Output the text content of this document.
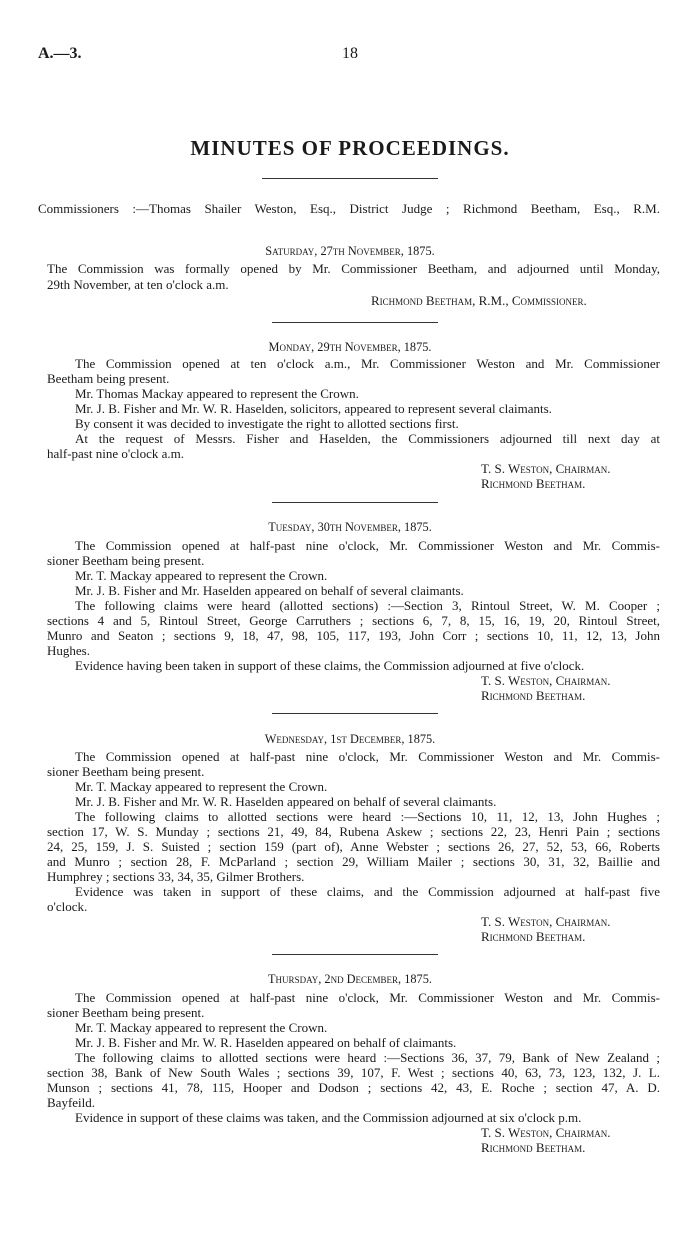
A.—3.	18
MINUTES OF PROCEEDINGS.
Commissioners :—Thomas Shailer Weston, Esq., District Judge ; Richmond Beetham, Esq., R.M.
Saturday, 27th November, 1875.
The Commission was formally opened by Mr. Commissioner Beetham, and adjourned until Monday,
29th November, at ten o'clock a.m.
Richmond Beetham, R.M., Commissioner.
Monday, 29th November, 1875.
The Commission opened at ten o'clock a.m., Mr. Commissioner Weston and Mr. Commissioner
Beetham being present.
Mr. Thomas Mackay appeared to represent the Crown.
Mr. J. B. Fisher and Mr. W. R. Haselden, solicitors, appeared to represent several claimants.
By consent it was decided to investigate the right to allotted sections first.
At the request of Messrs. Fisher and Haselden, the Commissioners adjourned till next day at
half-past nine o'clock a.m.
T. S. Weston, Chairman.
Richmond Beetham.
Tuesday, 30th November, 1875.
The Commission opened at half-past nine o'clock, Mr. Commissioner Weston and Mr. Commis-
sioner Beetham being present.
Mr. T. Mackay appeared to represent the Crown.
Mr. J. B. Fisher and Mr. Haselden appeared on behalf of several claimants.
The following claims were heard (allotted sections) :—Section 3, Rintoul Street, W. M. Cooper ;
sections 4 and 5, Rintoul Street, George Carruthers ; sections 6, 7, 8, 15, 16, 19, 20, Rintoul Street,
Munro and Seaton ; sections 9, 18, 47, 98, 105, 117, 193, John Corr ; sections 10, 11, 12, 13, John
Hughes.
Evidence having been taken in support of these claims, the Commission adjourned at five o'clock.
T. S. Weston, Chairman.
Richmond Beetham.
Wednesday, 1st December, 1875.
The Commission opened at half-past nine o'clock, Mr. Commissioner Weston and Mr. Commis-
sioner Beetham being present.
Mr. T. Mackay appeared to represent the Crown.
Mr. J. B. Fisher and Mr. W. R. Haselden appeared on behalf of several claimants.
The following claims to allotted sections were heard :—Sections 10, 11, 12, 13, John Hughes ;
section 17, W. S. Munday ; sections 21, 49, 84, Rubena Askew ; sections 22, 23, Henri Pain ; sections
24, 25, 159, J. S. Suisted ; section 159 (part of), Anne Webster ; sections 26, 27, 52, 53, 66, Roberts
and Munro ; section 28, F. McParland ; section 29, William Mailer ; sections 30, 31, 32, Baillie and
Humphrey ; sections 33, 34, 35, Gilmer Brothers.
Evidence was taken in support of these claims, and the Commission adjourned at half-past five
o'clock.
T. S. Weston, Chairman.
Richmond Beetham.
Thursday, 2nd December, 1875.
The Commission opened at half-past nine o'clock, Mr. Commissioner Weston and Mr. Commis-
sioner Beetham being present.
Mr. T. Mackay appeared to represent the Crown.
Mr. J. B. Fisher and Mr. W. R. Haselden appeared on behalf of claimants.
The following claims to allotted sections were heard :—Sections 36, 37, 79, Bank of New Zealand ;
section 38, Bank of New South Wales ; sections 39, 107, F. West ; sections 40, 63, 73, 123, 132, J. L.
Munson ; sections 41, 78, 115, Hooper and Dodson ; sections 42, 43, E. Roche ; section 47, A. D.
Bayfeild.
Evidence in support of these claims was taken, and the Commission adjourned at six o'clock p.m.
T. S. Weston, Chairman.
Richmond Beetham.
